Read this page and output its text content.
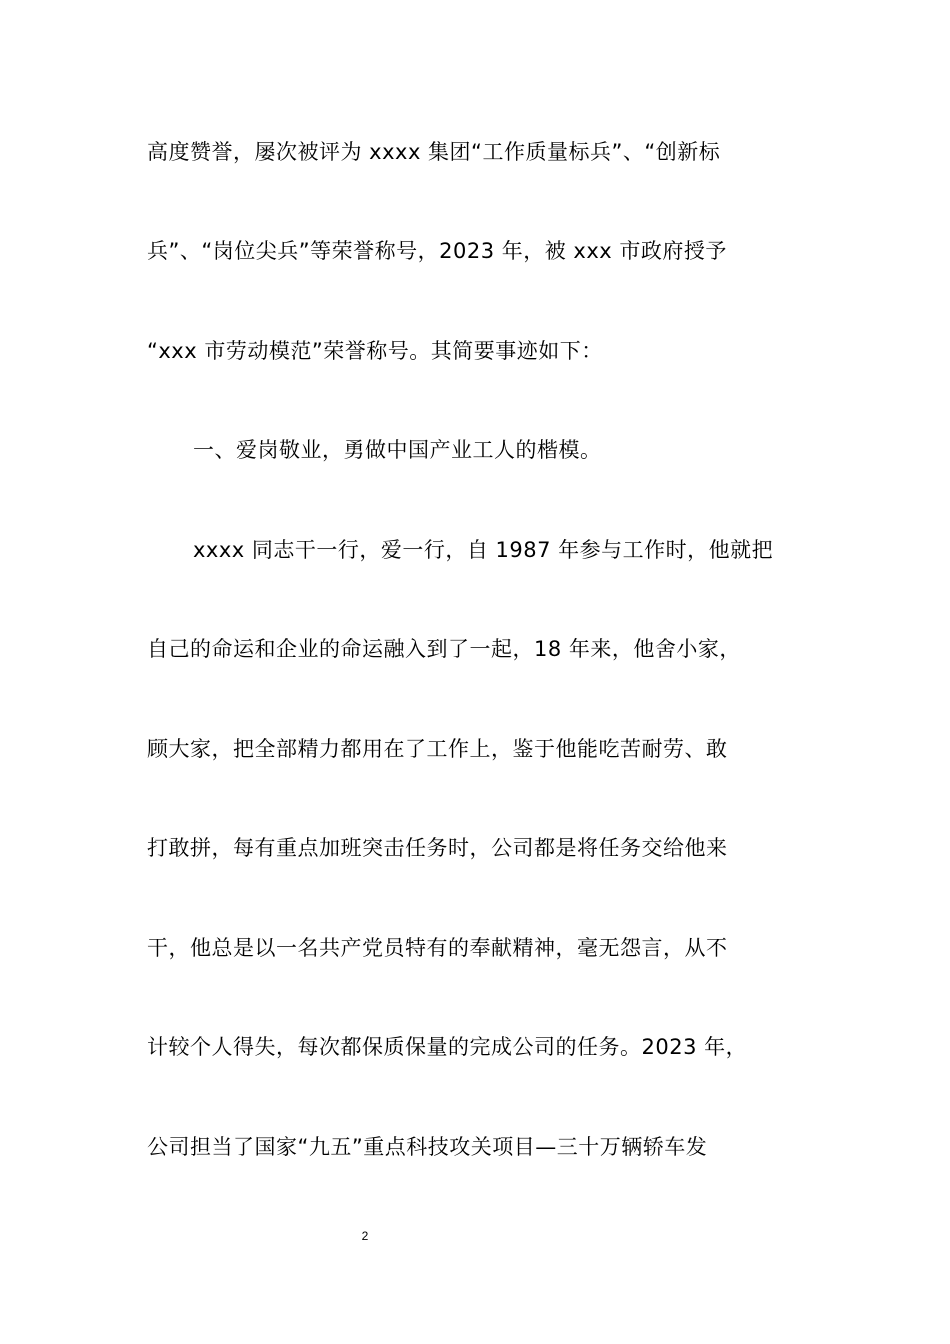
高度赞誉，屡次被评为 xxxx 集团“工作质量标兵”、“创新标
兵”、“岗位尖兵”等荣誉称号，2023 年，被 xxx 市政府授予
“xxx 市劳动模范”荣誉称号。其简要事迹如下：
一、爱岗敬业，勇做中国产业工人的楷模。
xxxx 同志干一行，爱一行，自 1987 年参与工作时，他就把
自己的命运和企业的命运融入到了一起，18 年来，他舍小家，
顾大家，把全部精力都用在了工作上，鉴于他能吃苦耐劳、敢
打敢拼，每有重点加班突击任务时，公司都是将任务交给他来
干，他总是以一名共产党员特有的奉献精神，毫无怨言，从不
计较个人得失，每次都保质保量的完成公司的任务。2023 年，
公司担当了国家“九五”重点科技攻关项目—三十万辆轿车发
2
